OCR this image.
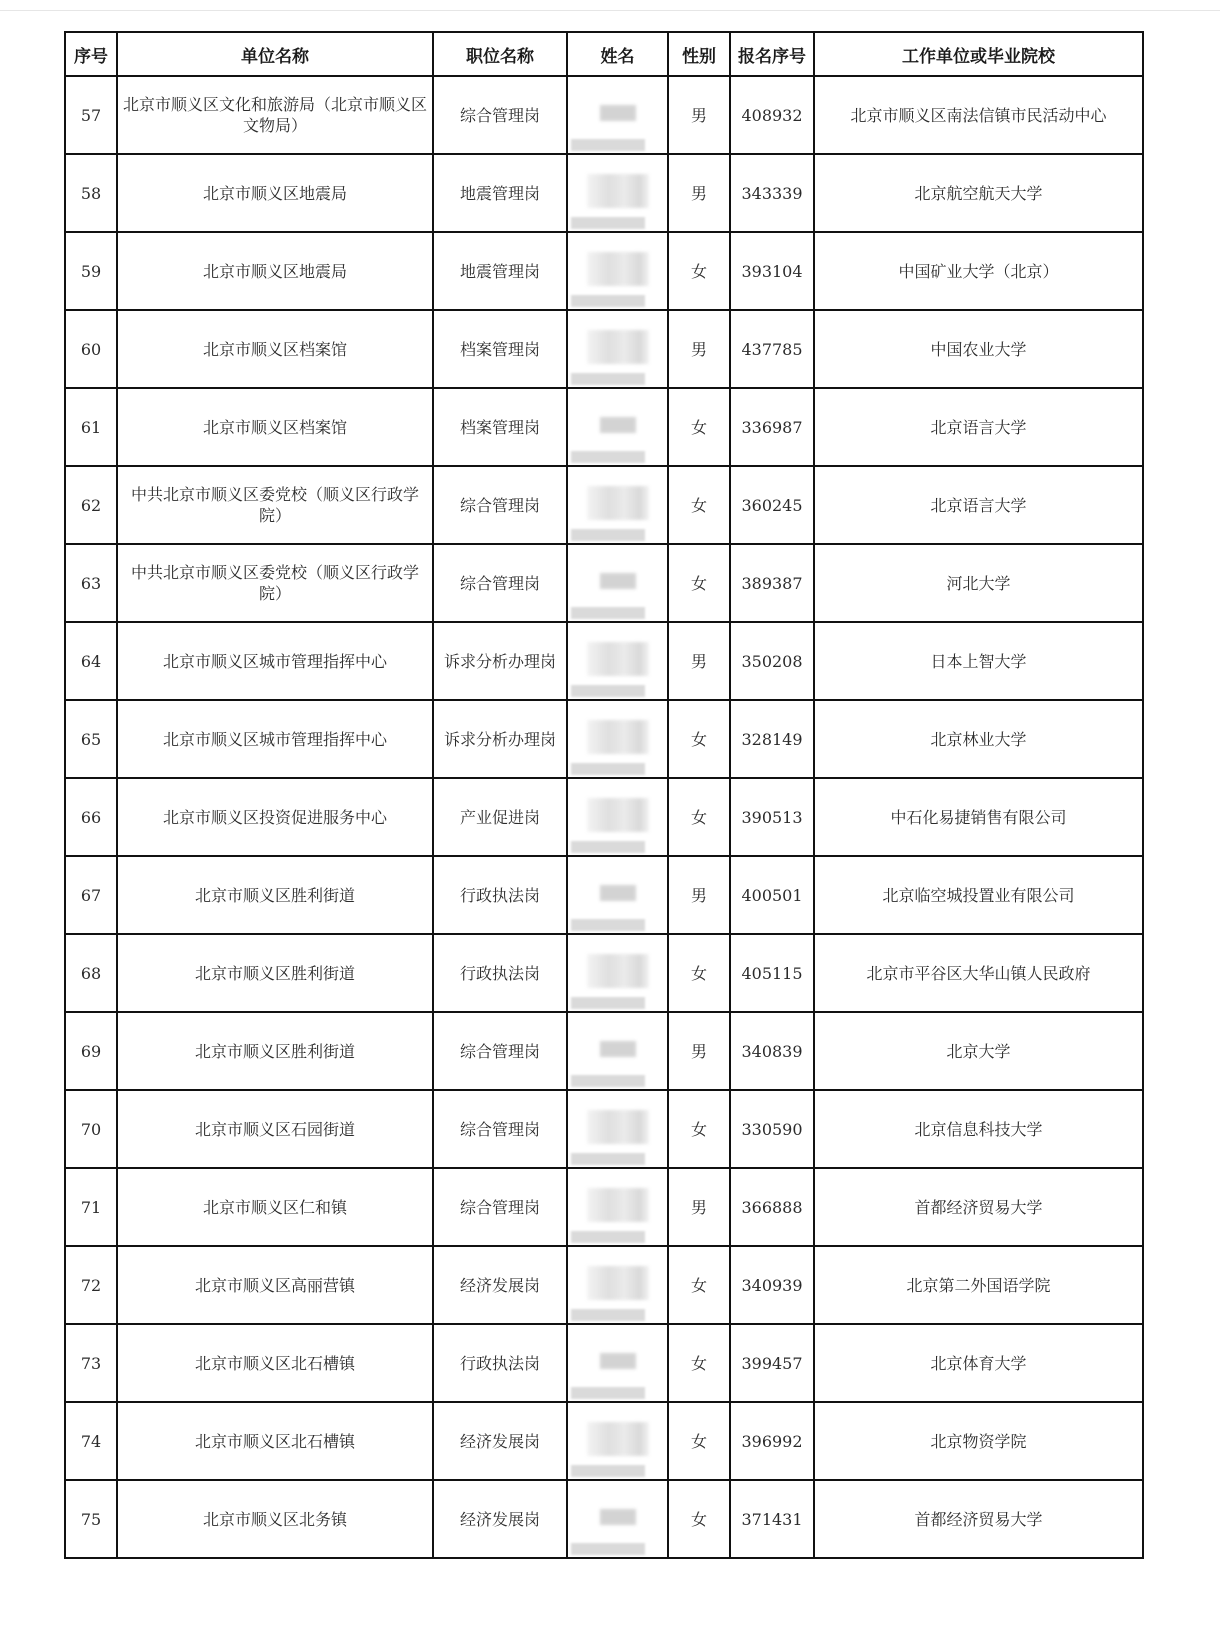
序号	单位名称	职位名称	姓名	性别	报名序号	工作单位或毕业院校
57	北京市顺义区文化和旅游局（北京市顺义区文物局）	综合管理岗		男	408932	北京市顺义区南法信镇市民活动中心
58	北京市顺义区地震局	地震管理岗		男	343339	北京航空航天大学
59	北京市顺义区地震局	地震管理岗		女	393104	中国矿业大学（北京）
60	北京市顺义区档案馆	档案管理岗		男	437785	中国农业大学
61	北京市顺义区档案馆	档案管理岗		女	336987	北京语言大学
62	中共北京市顺义区委党校（顺义区行政学院）	综合管理岗		女	360245	北京语言大学
63	中共北京市顺义区委党校（顺义区行政学院）	综合管理岗		女	389387	河北大学
64	北京市顺义区城市管理指挥中心	诉求分析办理岗		男	350208	日本上智大学
65	北京市顺义区城市管理指挥中心	诉求分析办理岗		女	328149	北京林业大学
66	北京市顺义区投资促进服务中心	产业促进岗		女	390513	中石化易捷销售有限公司
67	北京市顺义区胜利街道	行政执法岗		男	400501	北京临空城投置业有限公司
68	北京市顺义区胜利街道	行政执法岗		女	405115	北京市平谷区大华山镇人民政府
69	北京市顺义区胜利街道	综合管理岗		男	340839	北京大学
70	北京市顺义区石园街道	综合管理岗		女	330590	北京信息科技大学
71	北京市顺义区仁和镇	综合管理岗		男	366888	首都经济贸易大学
72	北京市顺义区高丽营镇	经济发展岗		女	340939	北京第二外国语学院
73	北京市顺义区北石槽镇	行政执法岗		女	399457	北京体育大学
74	北京市顺义区北石槽镇	经济发展岗		女	396992	北京物资学院
75	北京市顺义区北务镇	经济发展岗		女	371431	首都经济贸易大学
